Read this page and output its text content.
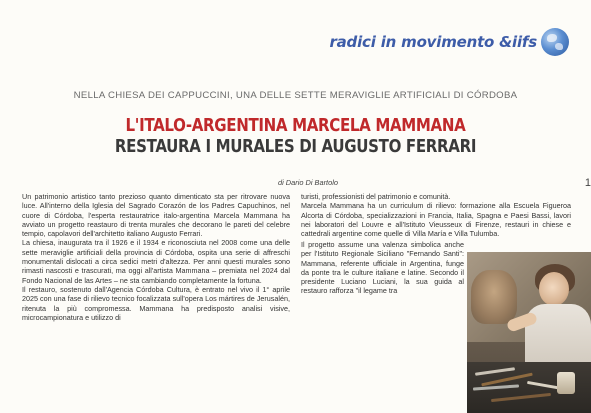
radici in movimento &iifs
NELLA CHIESA DEI CAPPUCCINI, UNA DELLE SETTE MERAVIGLIE ARTIFICIALI DI CÓRDOBA
L'ITALO-ARGENTINA MARCELA MAMMANA
RESTAURA I MURALES DI AUGUSTO FERRARI
di Dario Di Bartolo	1

Un patrimonio artistico tanto prezioso quanto dimenticato sta per ritrovare nuova luce. All'interno della Iglesia del Sagrado Corazón de los Padres Capuchinos, nel cuore di Córdoba, l'esperta restauratrice italo-argentina Marcela Mammana ha avviato un progetto reastauro di trenta murales che decorano le pareti del celebre tempio, capolavori dell'architetto italiano Augusto Ferrari.

La chiesa, inaugurata tra il 1926 e il 1934 e riconosciuta nel 2008 come una delle sette meraviglie artificiali della provincia di Córdoba, ospita una serie di affreschi monumentali dislocati a circa sedici metri d'altezza. Per anni questi murales sono rimasti nascosti e trascurati, ma oggi all'artista Mammana – premiata nel 2024 dal Fondo Nacional de las Artes – ne sta cambiando completamente la fortuna.

Il restauro, sostenuto dall'Agencia Córdoba Cultura, è entrato nel vivo il 1° aprile 2025 con una fase di rilievo tecnico focalizzata sull'opera Los mártires de Jerusalén, ritenuta la più compromessa. Mammana ha predisposto analisi visive, microcampionatura e utilizzo di

turisti, professionisti del patrimonio e comunità.

Marcela Mammana ha un curriculum di rilievo: formazione alla Escuela Figueroa Alcorta di Córdoba, specializzazioni in Francia, Italia, Spagna e Paesi Bassi, lavori nei laboratori del Louvre e all'Istituto Vieusseux di Firenze, restauri in chiese e cattedrali argentine come quelle di Villa María e Villa Tulumba.

Il progetto assume una valenza simbolica anche per l'Istituto Regionale Siciliano "Fernando Santi": Mammana, referente ufficiale in Argentina, funge da ponte tra le culture italiane e latine. Secondo il presidente Luciano Luciani, la sua guida al restauro rafforza "il legame tra
